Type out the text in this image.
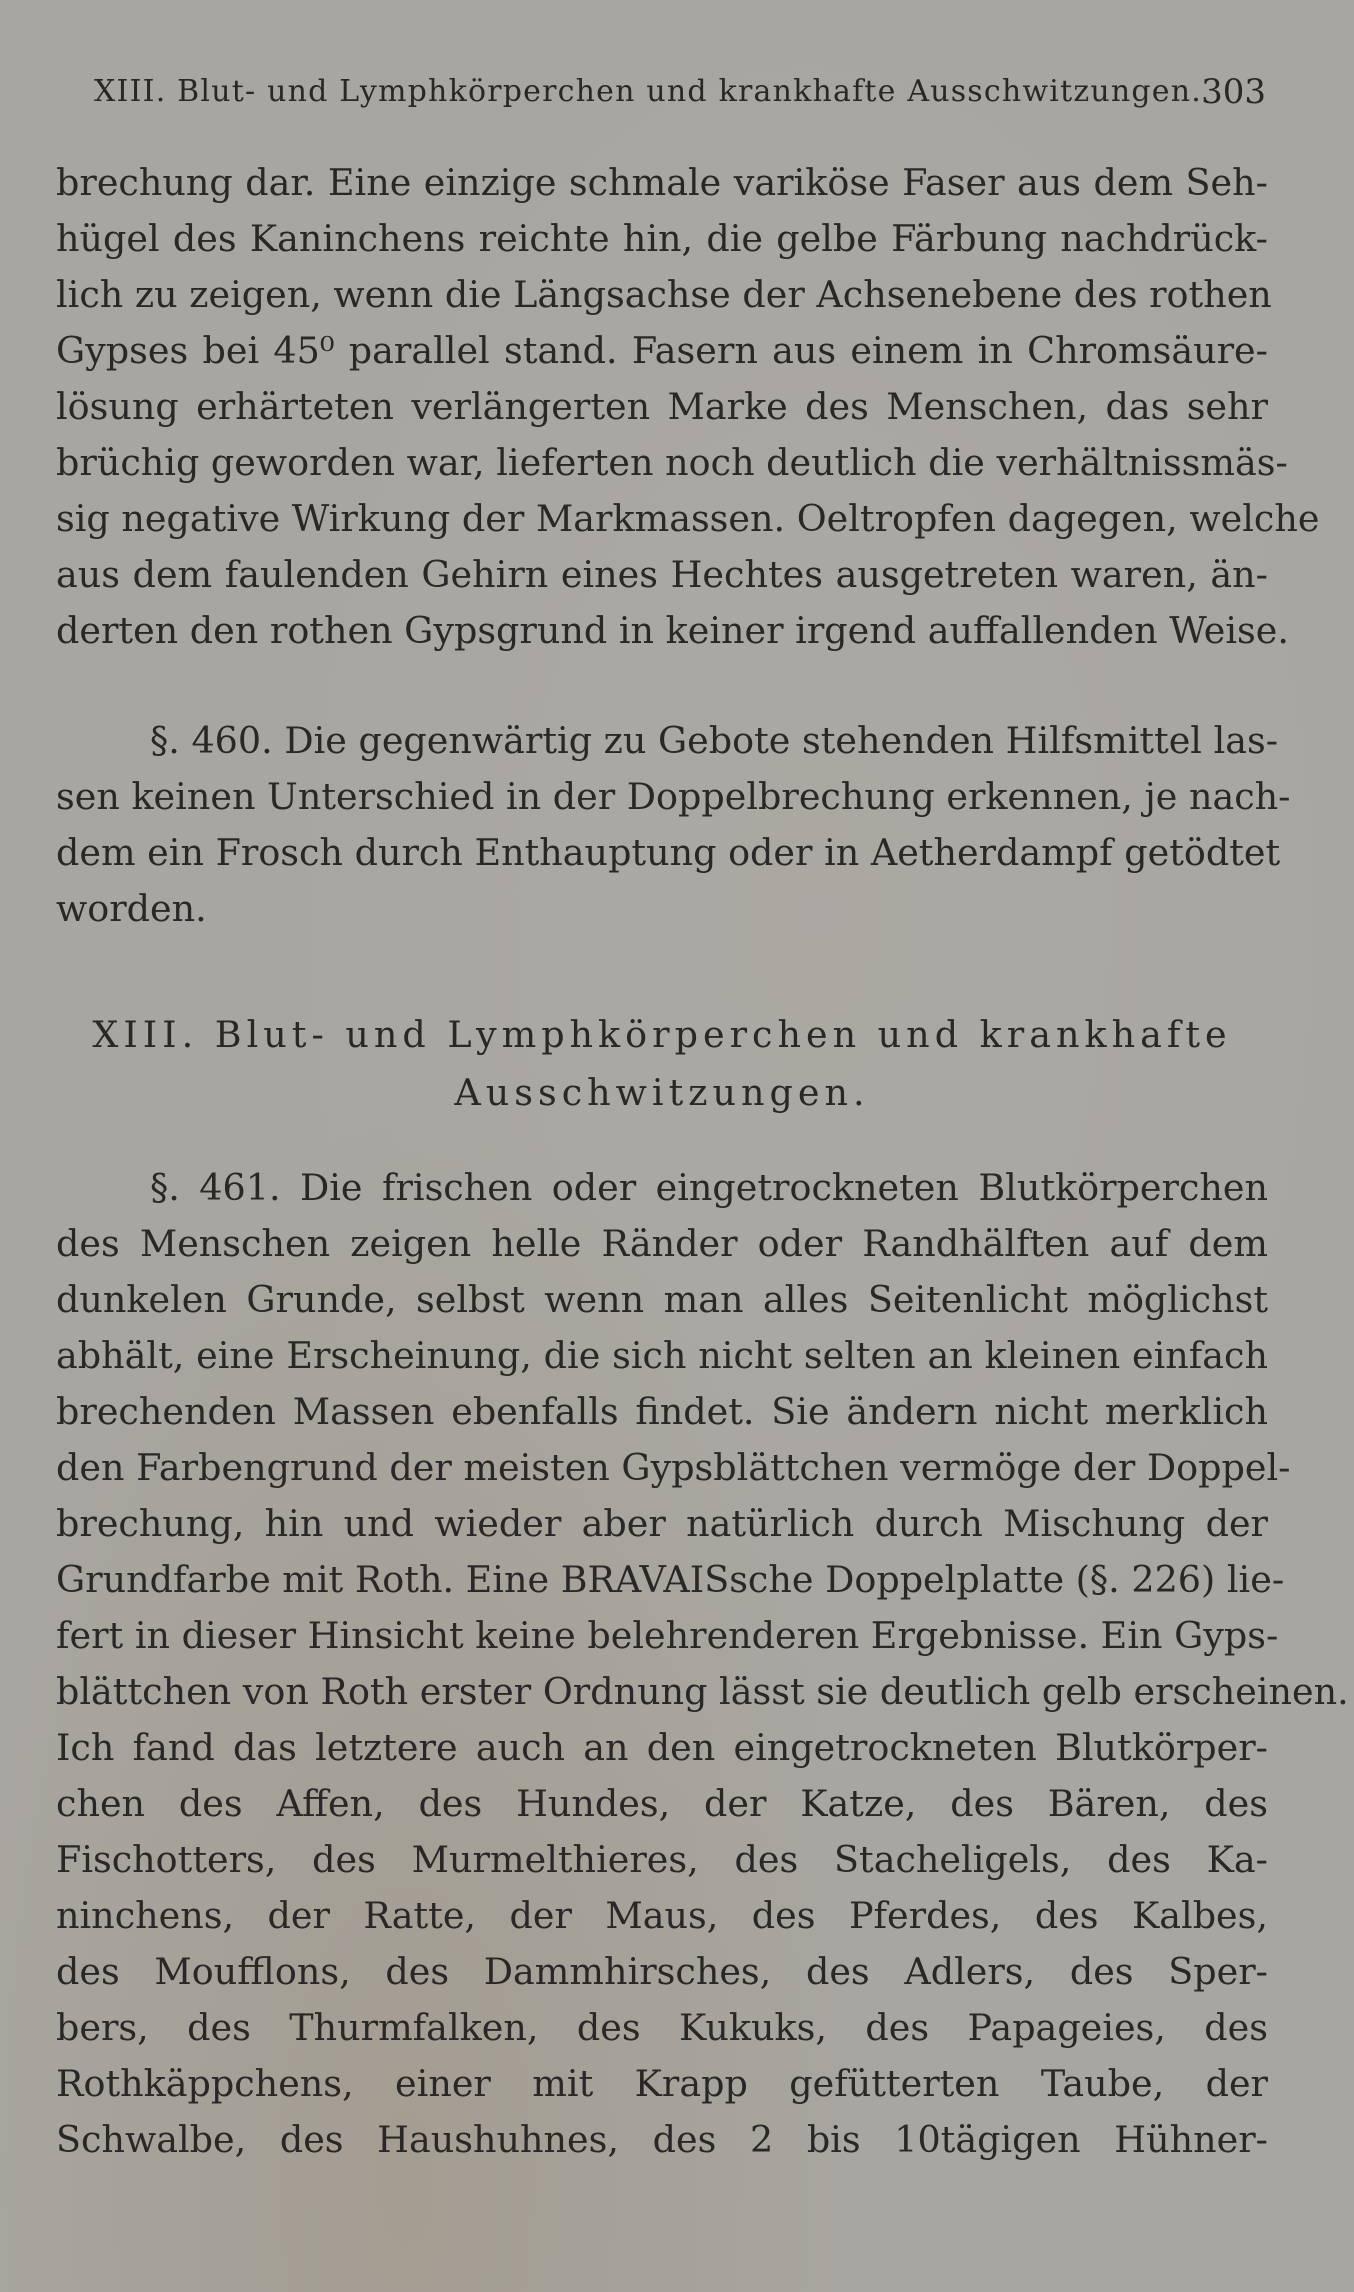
XIII. Blut- und Lymphkörperchen und krankhafte Ausschwitzungen. 303
brechung dar. Eine einzige schmale variköse Faser aus dem Seh-
hügel des Kaninchens reichte hin, die gelbe Färbung nachdrück-
lich zu zeigen, wenn die Längsachse der Achsenebene des rothen
Gypses bei 45⁰ parallel stand. Fasern aus einem in Chromsäure-
lösung erhärteten verlängerten Marke des Menschen, das sehr
brüchig geworden war, lieferten noch deutlich die verhältnissmäs-
sig negative Wirkung der Markmassen. Oeltropfen dagegen, welche
aus dem faulenden Gehirn eines Hechtes ausgetreten waren, än-
derten den rothen Gypsgrund in keiner irgend auffallenden Weise.
§. 460. Die gegenwärtig zu Gebote stehenden Hilfsmittel las-
sen keinen Unterschied in der Doppelbrechung erkennen, je nach-
dem ein Frosch durch Enthauptung oder in Aetherdampf getödtet
worden.
XIII. Blut- und Lymphkörperchen und krankhafte
Ausschwitzungen.
§. 461. Die frischen oder eingetrockneten Blutkörperchen
des Menschen zeigen helle Ränder oder Randhälften auf dem
dunkelen Grunde, selbst wenn man alles Seitenlicht möglichst
abhält, eine Erscheinung, die sich nicht selten an kleinen einfach
brechenden Massen ebenfalls findet. Sie ändern nicht merklich
den Farbengrund der meisten Gypsblättchen vermöge der Doppel-
brechung, hin und wieder aber natürlich durch Mischung der
Grundfarbe mit Roth. Eine BRAVAISsche Doppelplatte (§. 226) lie-
fert in dieser Hinsicht keine belehrenderen Ergebnisse. Ein Gyps-
blättchen von Roth erster Ordnung lässt sie deutlich gelb erscheinen.
Ich fand das letztere auch an den eingetrockneten Blutkörper-
chen des Affen, des Hundes, der Katze, des Bären, des
Fischotters, des Murmelthieres, des Stacheligels, des Ka-
ninchens, der Ratte, der Maus, des Pferdes, des Kalbes,
des Moufflons, des Dammhirsches, des Adlers, des Sper-
bers, des Thurmfalken, des Kukuks, des Papageies, des
Rothkäppchens, einer mit Krapp gefütterten Taube, der
Schwalbe, des Haushuhnes, des 2 bis 10tägigen Hühner-
